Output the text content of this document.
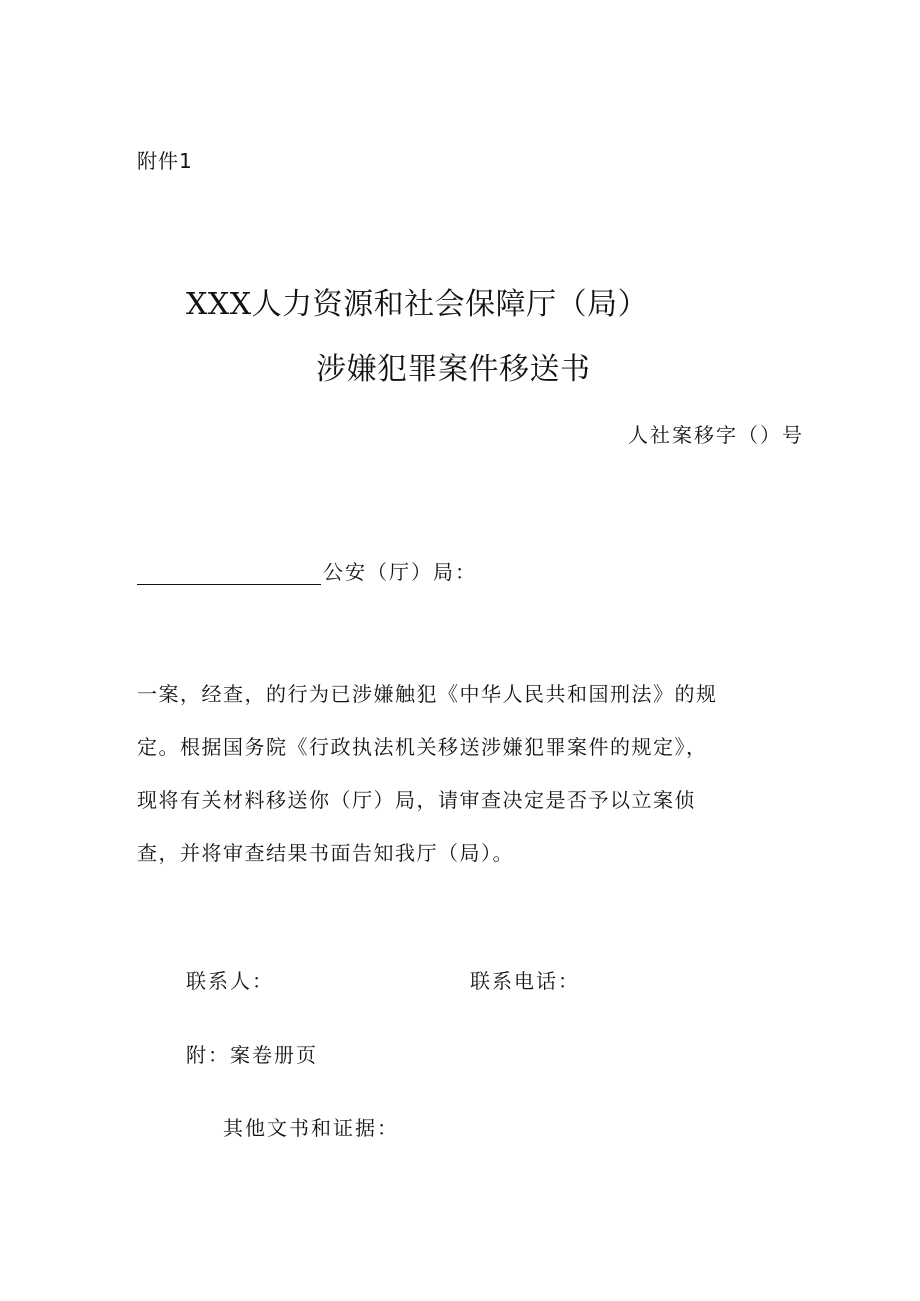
附件1
XXX人力资源和社会保障厅（局）
涉嫌犯罪案件移送书
人社案移字（）号
公安（厅）局：
一案，经查，的行为已涉嫌触犯《中华人民共和国刑法》的规
定。根据国务院《行政执法机关移送涉嫌犯罪案件的规定》，
现将有关材料移送你（厅）局，请审查决定是否予以立案侦
查，并将审查结果书面告知我厅（局）。
联系人：	联系电话：
附：案卷册页
其他文书和证据：
